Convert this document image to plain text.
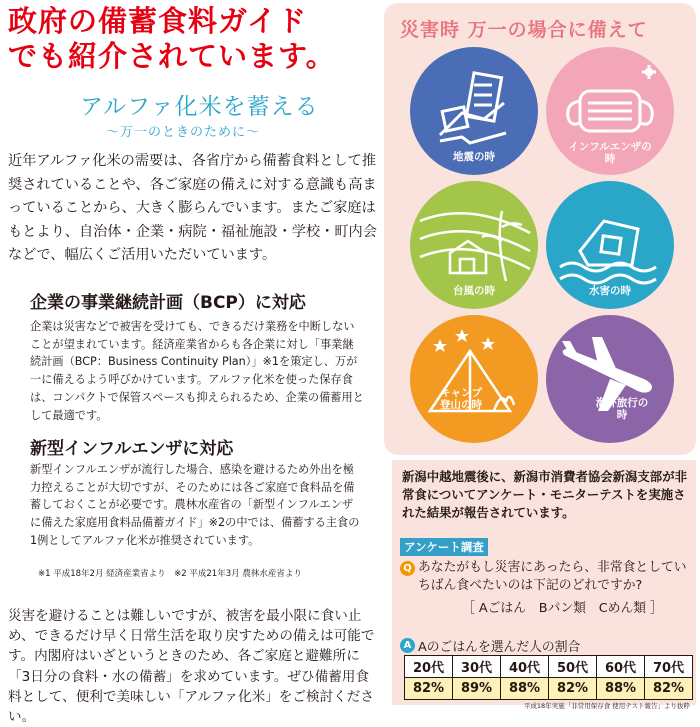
政府の備蓄食料ガイド
でも紹介されています。
アルファ化米を蓄える
～万一のときのために～
近年アルファ化米の需要は、各省庁から備蓄食料として推奨されていることや、各ご家庭の備えに対する意識も高まっていることから、大きく膨らんでいます。またご家庭はもとより、自治体・企業・病院・福祉施設・学校・町内会などで、幅広くご活用いただいています。
企業の事業継続計画（BCP）に対応
企業は災害などで被害を受けても、できるだけ業務を中断しないことが望まれています。経済産業省からも各企業に対し「事業継続計画（BCP：Business Continuity Plan）」※1を策定し、万が一に備えるよう呼びかけています。アルファ化米を使った保存食は、コンパクトで保管スペースも抑えられるため、企業の備蓄用として最適です。
新型インフルエンザに対応
新型インフルエンザが流行した場合、感染を避けるため外出を極力控えることが大切ですが、そのためには各ご家庭で食料品を備蓄しておくことが必要です。農林水産省の「新型インフルエンザに備えた家庭用食料品備蓄ガイド」※2の中では、備蓄する主食の1例としてアルファ化米が推奨されています。
※1 平成18年2月 経済産業省より　※2 平成21年3月 農林水産省より
災害を避けることは難しいですが、被害を最小限に食い止め、できるだけ早く日常生活を取り戻すための備えは可能です。内閣府はいざというときのため、各ご家庭と避難所に「3日分の食料・水の備蓄」を求めています。ぜひ備蓄用食料として、便利で美味しい「アルファ化米」をご検討ください。
災害時 万一の場合に備えて
地震の時
インフルエンザの時
台風の時	水害の時
キャンプ登山の時	海外旅行の時
新潟中越地震後に、新潟市消費者協会新潟支部が非常食についてアンケート・モニターテストを実施された結果が報告されています。
アンケート調査
Q あなたがもし災害にあったら、非常食としていちばん食べたいのは下記のどれですか?
［ Aごはん　Bパン類　Cめん類 ］
A Aのごはんを選んだ人の割合
20代	30代	40代	50代	60代	70代
82%	89%	88%	82%	88%	82%
平成18年実施「非常用保存食 使用テスト報告」より抜粋
